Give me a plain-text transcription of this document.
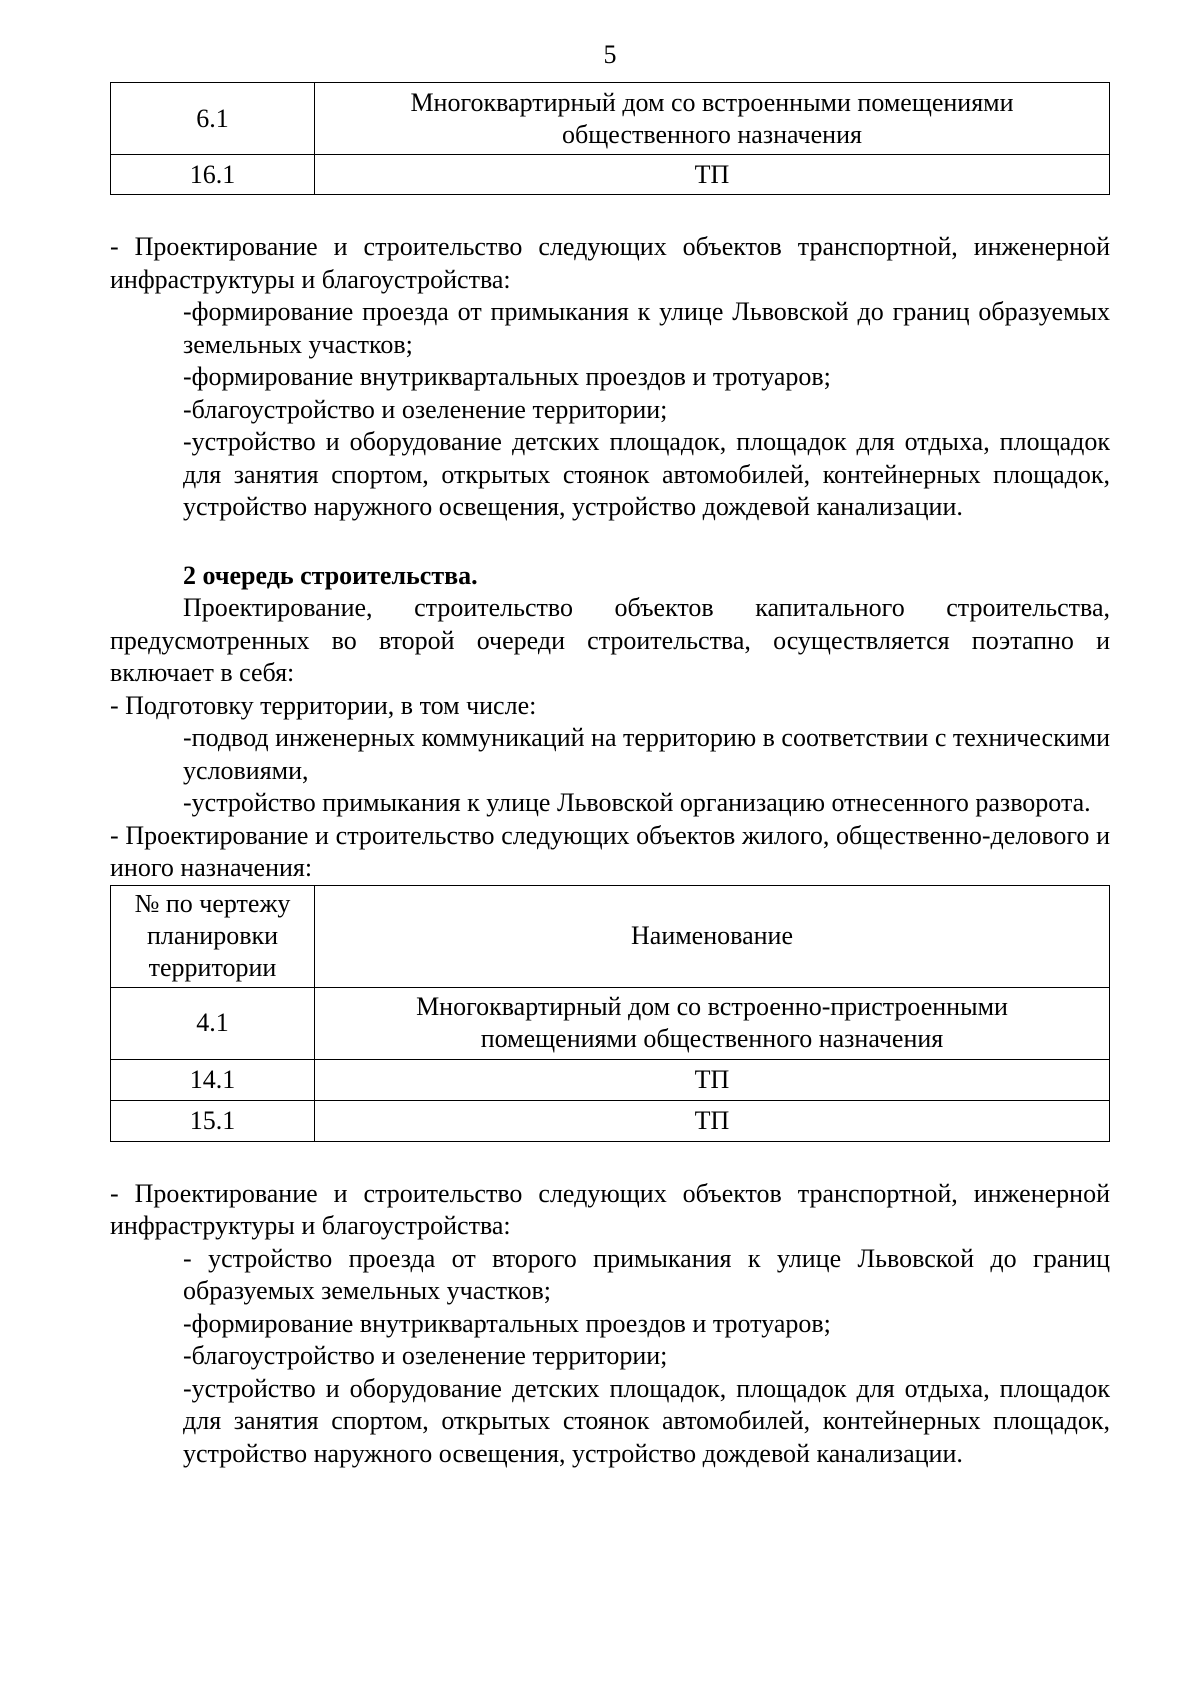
5
6.1	Многоквартирный дом со встроенными помещениями
общественного назначения

16.1	ТП

- Проектирование и строительство следующих объектов транспортной, инженерной инфраструктуры и благоустройства:

-формирование проезда от примыкания к улице Львовской до границ образуемых земельных участков;

-формирование внутриквартальных проездов и тротуаров;

-благоустройство и озеленение территории;

-устройство и оборудование детских площадок, площадок для отдыха, площадок для занятия спортом, открытых стоянок автомобилей, контейнерных площадок, устройство наружного освещения, устройство дождевой канализации.

2 очередь строительства.

Проектирование, строительство объектов капитального строительства, предусмотренных во второй очереди строительства, осуществляется поэтапно и включает в себя:

- Подготовку территории, в том числе:

-подвод инженерных коммуникаций на территорию в соответствии с техническими условиями,

-устройство примыкания к улице Львовской организацию отнесенного разворота.

- Проектирование и строительство следующих объектов жилого, общественно-делового и иного назначения:

№ по чертежу
планировки
территории	Наименование
4.1	Многоквартирный дом со встроенно-пристроенными
помещениями общественного назначения

14.1	ТП
15.1	ТП

- Проектирование и строительство следующих объектов транспортной, инженерной инфраструктуры и благоустройства:

- устройство проезда от второго примыкания к улице Львовской до границ образуемых земельных участков;

-формирование внутриквартальных проездов и тротуаров;

-благоустройство и озеленение территории;

-устройство и оборудование детских площадок, площадок для отдыха, площадок для занятия спортом, открытых стоянок автомобилей, контейнерных площадок, устройство наружного освещения, устройство дождевой канализации.
